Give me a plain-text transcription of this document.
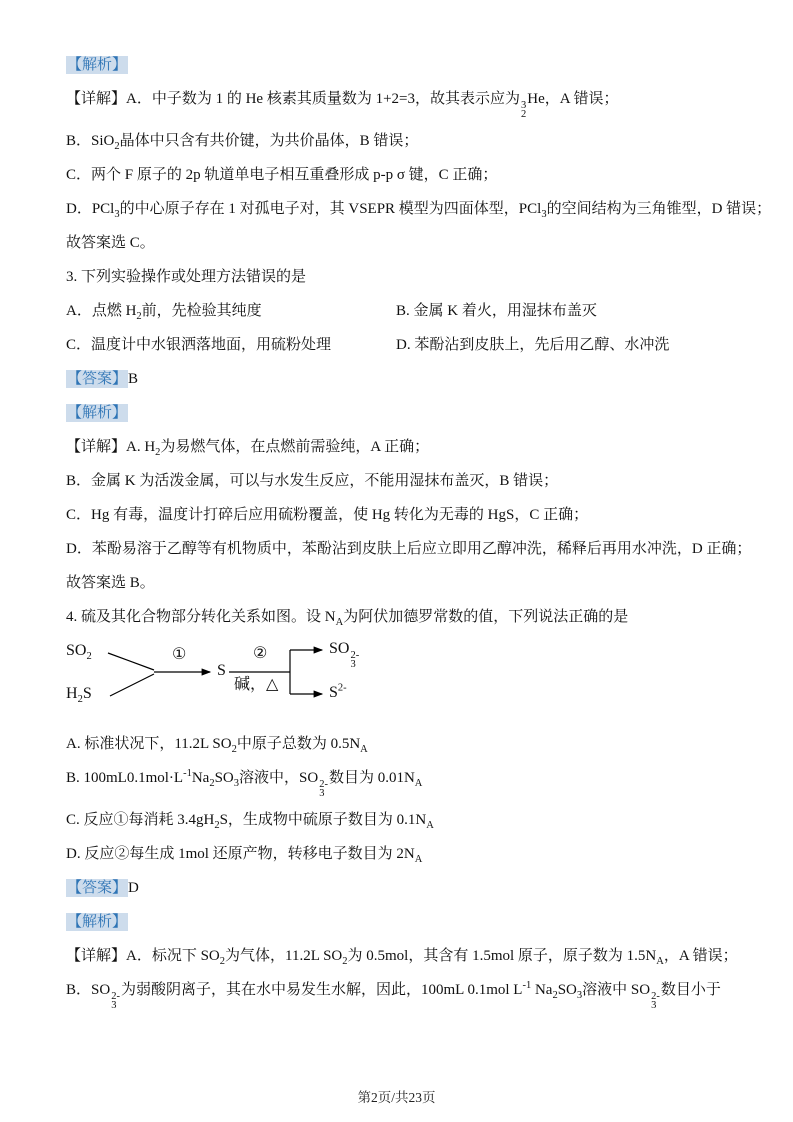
【解析】

【详解】A．中子数为 1 的 He 核素其质量数为 1+2=3，故其表示应为 3
2
He，A 错误；

B．SiO$_2$晶体中只含有共价键，为共价晶体，B 错误；

C．两个 F 原子的 2p 轨道单电子相互重叠形成 p-p σ 键，C 正确；

D．PCl$_3$的中心原子存在 1 对孤电子对，其 VSEPR 模型为四面体型，PCl$_3$的空间结构为三角锥型，D 错误；

故答案选 C。

3. 下列实验操作或处理方法错误的是

A．点燃 $H_2$前，先检验其纯度	B. 金属 K 着火，用湿抹布盖灭
C．温度计中水银洒落地面，用硫粉处理	D. 苯酚沾到皮肤上，先后用乙醇、水冲洗

【答案】B

【解析】

【详解】A. $H_2$为易燃气体，在点燃前需验纯，A 正确；

B．金属 K 为活泼金属，可以与水发生反应，不能用湿抹布盖灭，B 错误；

C．Hg 有毒，温度计打碎后应用硫粉覆盖，使 Hg 转化为无毒的 HgS，C 正确；

D．苯酚易溶于乙醇等有机物质中，苯酚沾到皮肤上后应立即用乙醇冲洗，稀释后再用水冲洗，D 正确；

故答案选 B。

4. 硫及其化合物部分转化关系如图。设 $N_A$为阿伏加德罗常数的值，下列说法正确的是

$SO_2$
$H_2S$
①
S
②
碱，△
SO 2-
3
$S^{2-}$

A. 标准状况下，11.2L $SO_2$中原子总数为 $0.5N_A$

B. $100mL0.1mol\cdot L^{-1}Na_2SO_3$溶液中，SO 2-
3
数目为 $0.01N_A$

C. 反应①每消耗 $3.4gH_2S$，生成物中硫原子数目为 $0.1N_A$

D. 反应②每生成 1mol 还原产物，转移电子数目为 $2N_A$

【答案】D

【解析】

【详解】A．标况下 $SO_2$为气体，11.2L $SO_2$为 0.5mol，其含有 1.5mol 原子，原子数为 $1.5N_A$，A 错误；

B．SO 2-
3
为弱酸阴离子，其在水中易发生水解，因此，100mL 0.1mol $L^{-1}$ $Na_2SO_3$溶液中 SO 2-
3
数目小于

第2页/共23页
